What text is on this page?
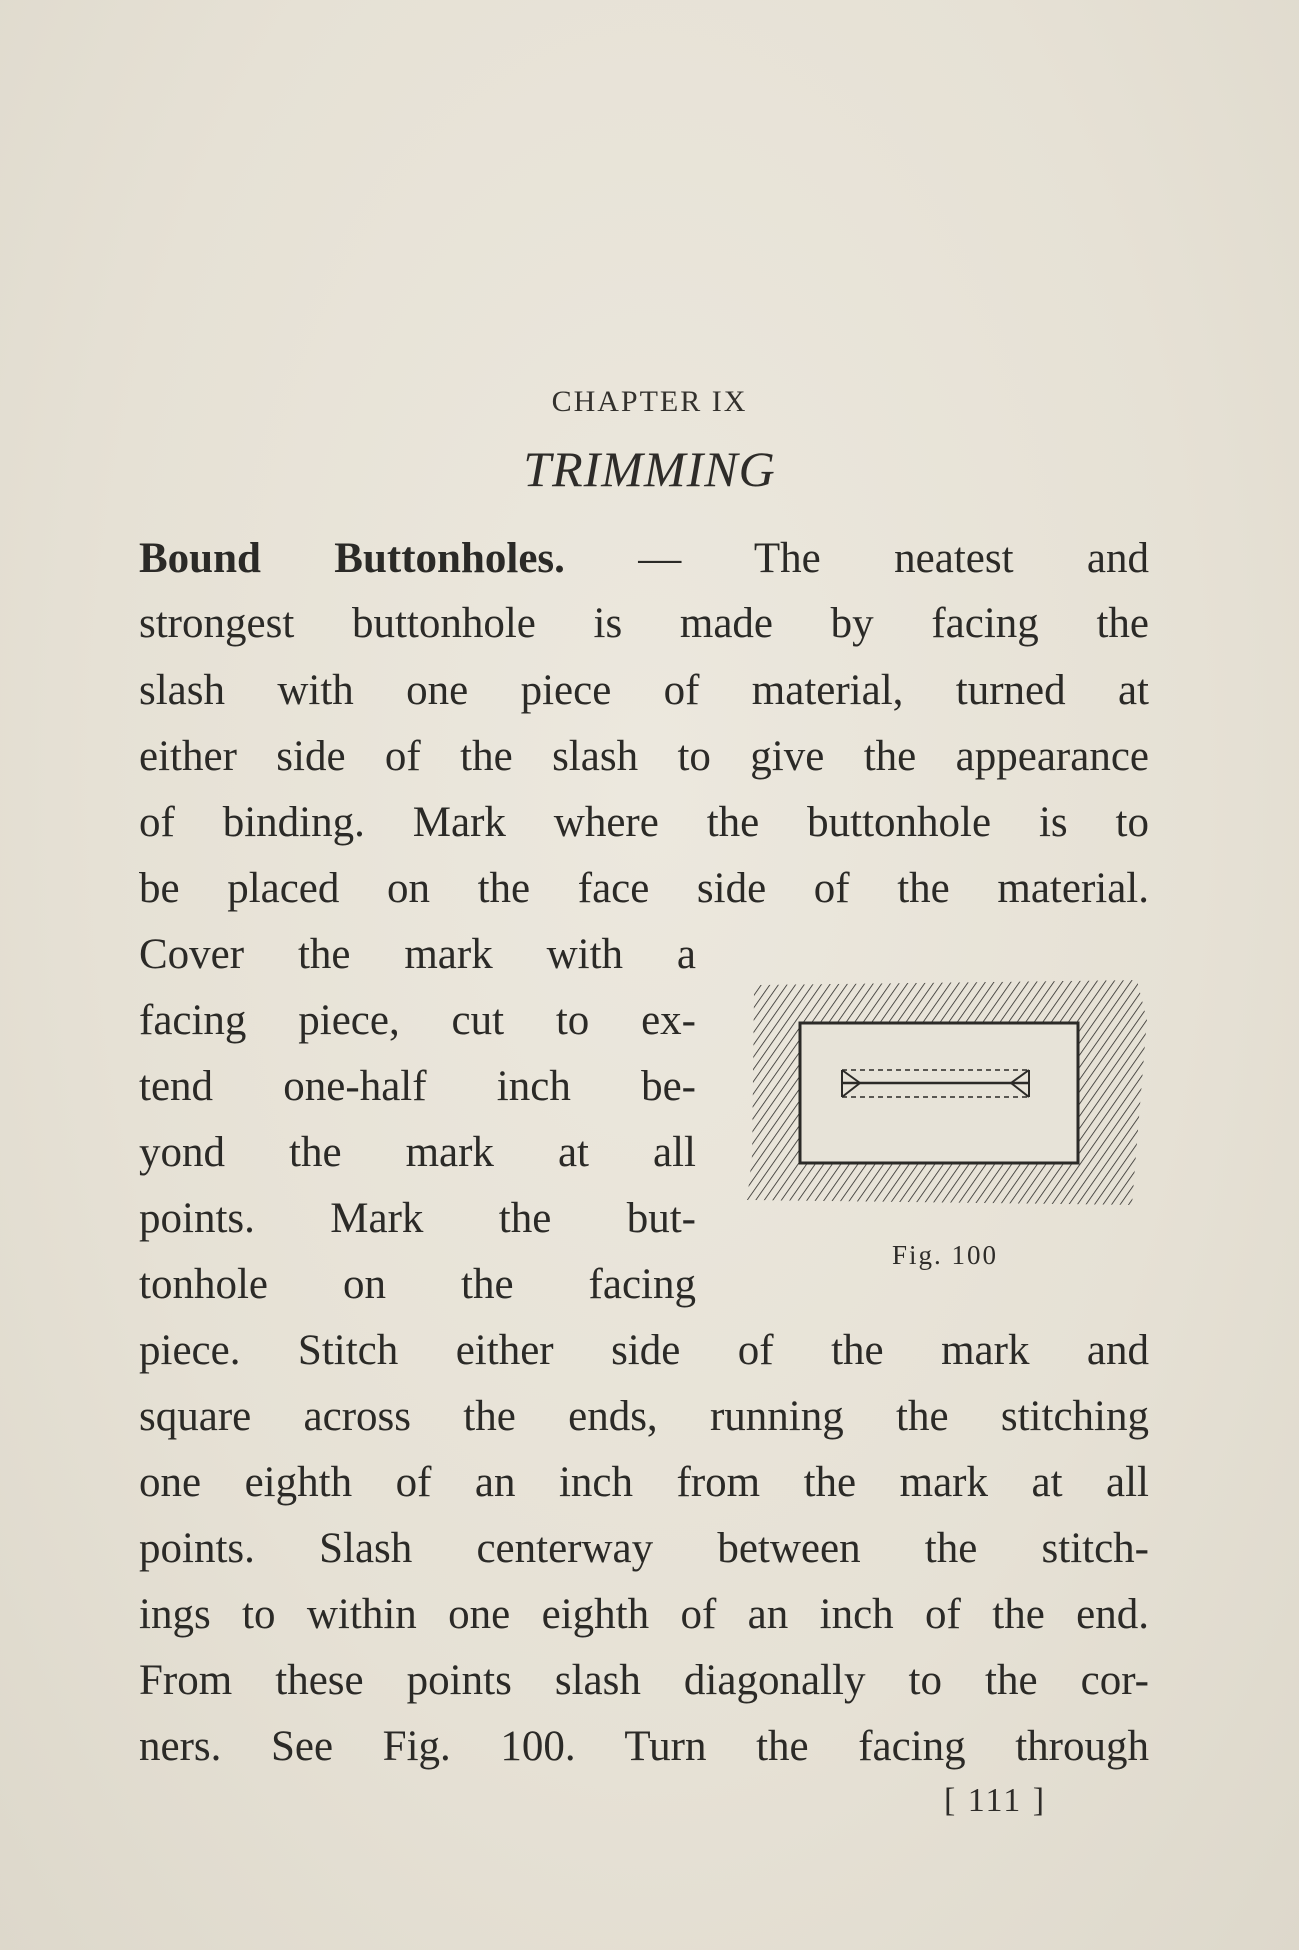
CHAPTER IX
TRIMMING
Bound Buttonholes. — The neatest and
strongest buttonhole is made by facing the
slash with one piece of material, turned at
either side of the slash to give the appearance
of binding. Mark where the buttonhole is to
be placed on the face side of the material.
Cover the mark with a
facing piece, cut to ex-
tend one-half inch be-
yond the mark at all
points. Mark the but-
tonhole on the facing
piece. Stitch either side of the mark and
square across the ends, running the stitching
one eighth of an inch from the mark at all
points. Slash centerway between the stitch-
ings to within one eighth of an inch of the end.
From these points slash diagonally to the cor-
ners. See Fig. 100. Turn the facing through
Fig. 100
[ 111 ]
